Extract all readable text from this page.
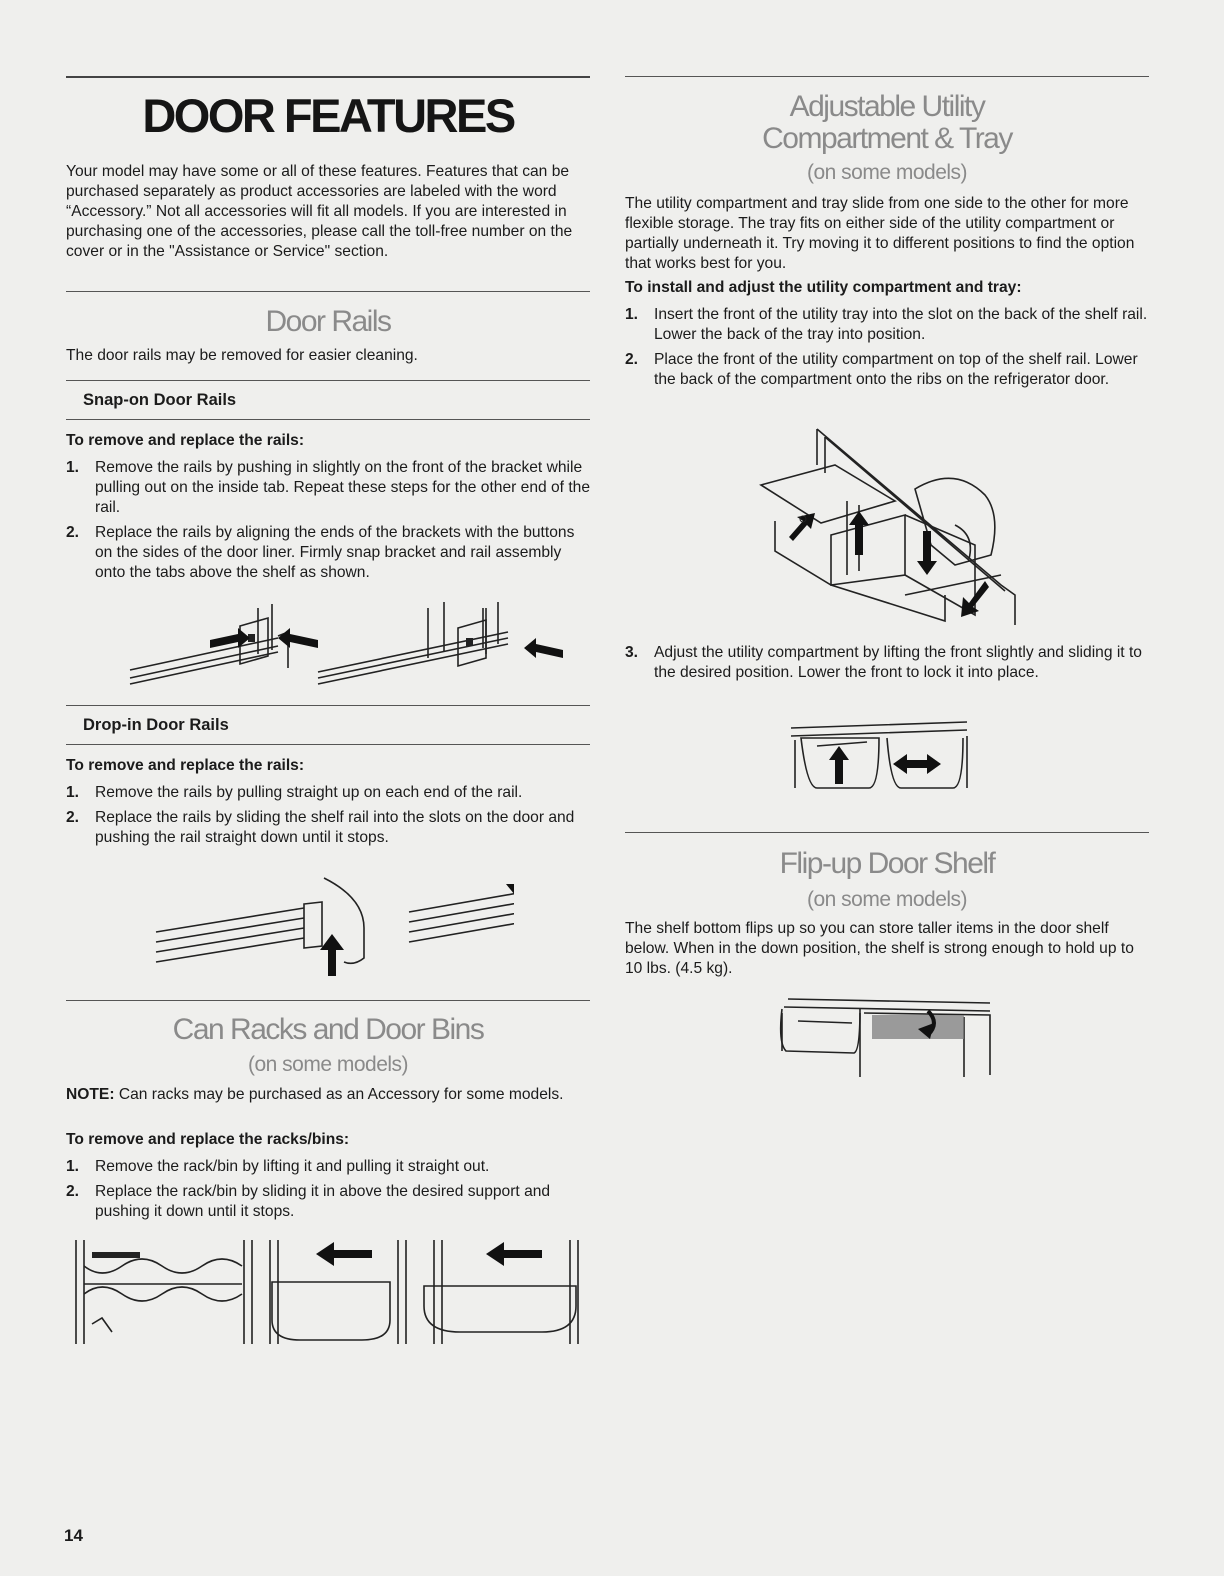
DOOR FEATURES
Your model may have some or all of these features. Features that can be purchased separately as product accessories are labeled with the word “Accessory.” Not all accessories will fit all models. If you are interested in purchasing one of the accessories, please call the toll-free number on the cover or in the "Assistance or Service" section.
Door Rails
The door rails may be removed for easier cleaning.
Snap-on Door Rails
To remove and replace the rails:
1. Remove the rails by pushing in slightly on the front of the bracket while pulling out on the inside tab. Repeat these steps for the other end of the rail.
2. Replace the rails by aligning the ends of the brackets with the buttons on the sides of the door liner. Firmly snap bracket and rail assembly onto the tabs above the shelf as shown.
Drop-in Door Rails
To remove and replace the rails:
1. Remove the rails by pulling straight up on each end of the rail.
2. Replace the rails by sliding the shelf rail into the slots on the door and pushing the rail straight down until it stops.
Can Racks and Door Bins
(on some models)
NOTE: Can racks may be purchased as an Accessory for some models.
To remove and replace the racks/bins:
1. Remove the rack/bin by lifting it and pulling it straight out.
2. Replace the rack/bin by sliding it in above the desired support and pushing it down until it stops.
Adjustable Utility
Compartment & Tray
(on some models)
The utility compartment and tray slide from one side to the other for more flexible storage. The tray fits on either side of the utility compartment or partially underneath it. Try moving it to different positions to find the option that works best for you.
To install and adjust the utility compartment and tray:
1. Insert the front of the utility tray into the slot on the back of the shelf rail. Lower the back of the tray into position.
2. Place the front of the utility compartment on top of the shelf rail. Lower the back of the compartment onto the ribs on the refrigerator door.
3. Adjust the utility compartment by lifting the front slightly and sliding it to the desired position. Lower the front to lock it into place.
Flip-up Door Shelf
(on some models)
The shelf bottom flips up so you can store taller items in the door shelf below. When in the down position, the shelf is strong enough to hold up to 10 lbs. (4.5 kg).
14
